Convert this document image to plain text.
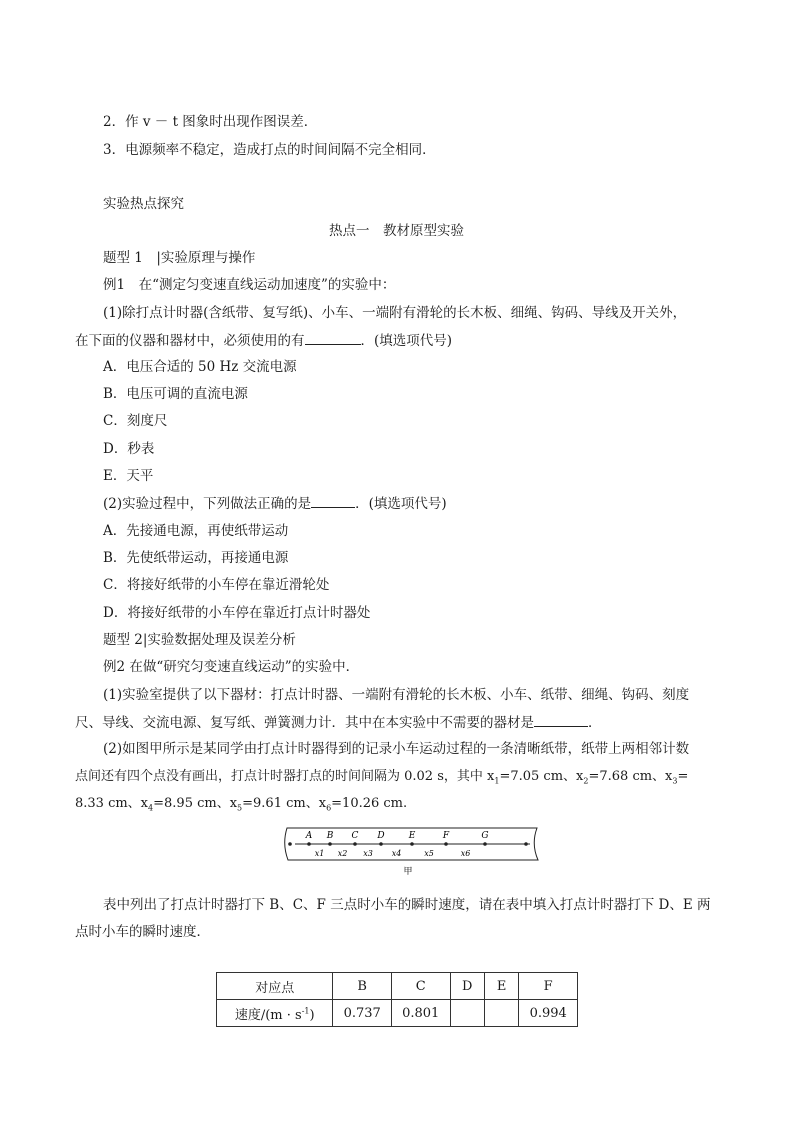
2．作 v － t 图象时出现作图误差．
3．电源频率不稳定，造成打点的时间间隔不完全相同．
实验热点探究
热点一　教材原型实验
题型 1　|实验原理与操作
例1　在“测定匀变速直线运动加速度”的实验中：
(1)除打点计时器(含纸带、复写纸)、小车、一端附有滑轮的长木板、细绳、钩码、导线及开关外，
在下面的仪器和器材中，必须使用的有	．(填选项代号)
A．电压合适的 50 Hz 交流电源
B．电压可调的直流电源
C．刻度尺
D．秒表
E．天平
(2)实验过程中，下列做法正确的是	．(填选项代号)
A．先接通电源，再使纸带运动
B．先使纸带运动，再接通电源
C．将接好纸带的小车停在靠近滑轮处
D．将接好纸带的小车停在靠近打点计时器处
题型 2|实验数据处理及误差分析
例2 在做“研究匀变速直线运动”的实验中．
(1)实验室提供了以下器材：打点计时器、一端附有滑轮的长木板、小车、纸带、细绳、钩码、刻度
尺、导线、交流电源、复写纸、弹簧测力计．其中在本实验中不需要的器材是	．
(2)如图甲所示是某同学由打点计时器得到的记录小车运动过程的一条清晰纸带，纸带上两相邻计数
点间还有四个点没有画出，打点计时器打点的时间间隔为 0.02 s，其中 $x_1=7.05$ cm、$x_2=7.68$ cm、$x_3=$
8.33 cm、$x_4=8.95$ cm、$x_5=9.61$ cm、$x_6=10.26$ cm.
A B C D	E	F	G
x1 x2 x3 x4	x5	x6
甲
表中列出了打点计时器打下 B、C、F 三点时小车的瞬时速度，请在表中填入打点计时器打下 D、E 两
点时小车的瞬时速度．
对应点	B	C	D	E	F
速度$/(m \cdot s^{-1})$	0.737	0.801			0.994
